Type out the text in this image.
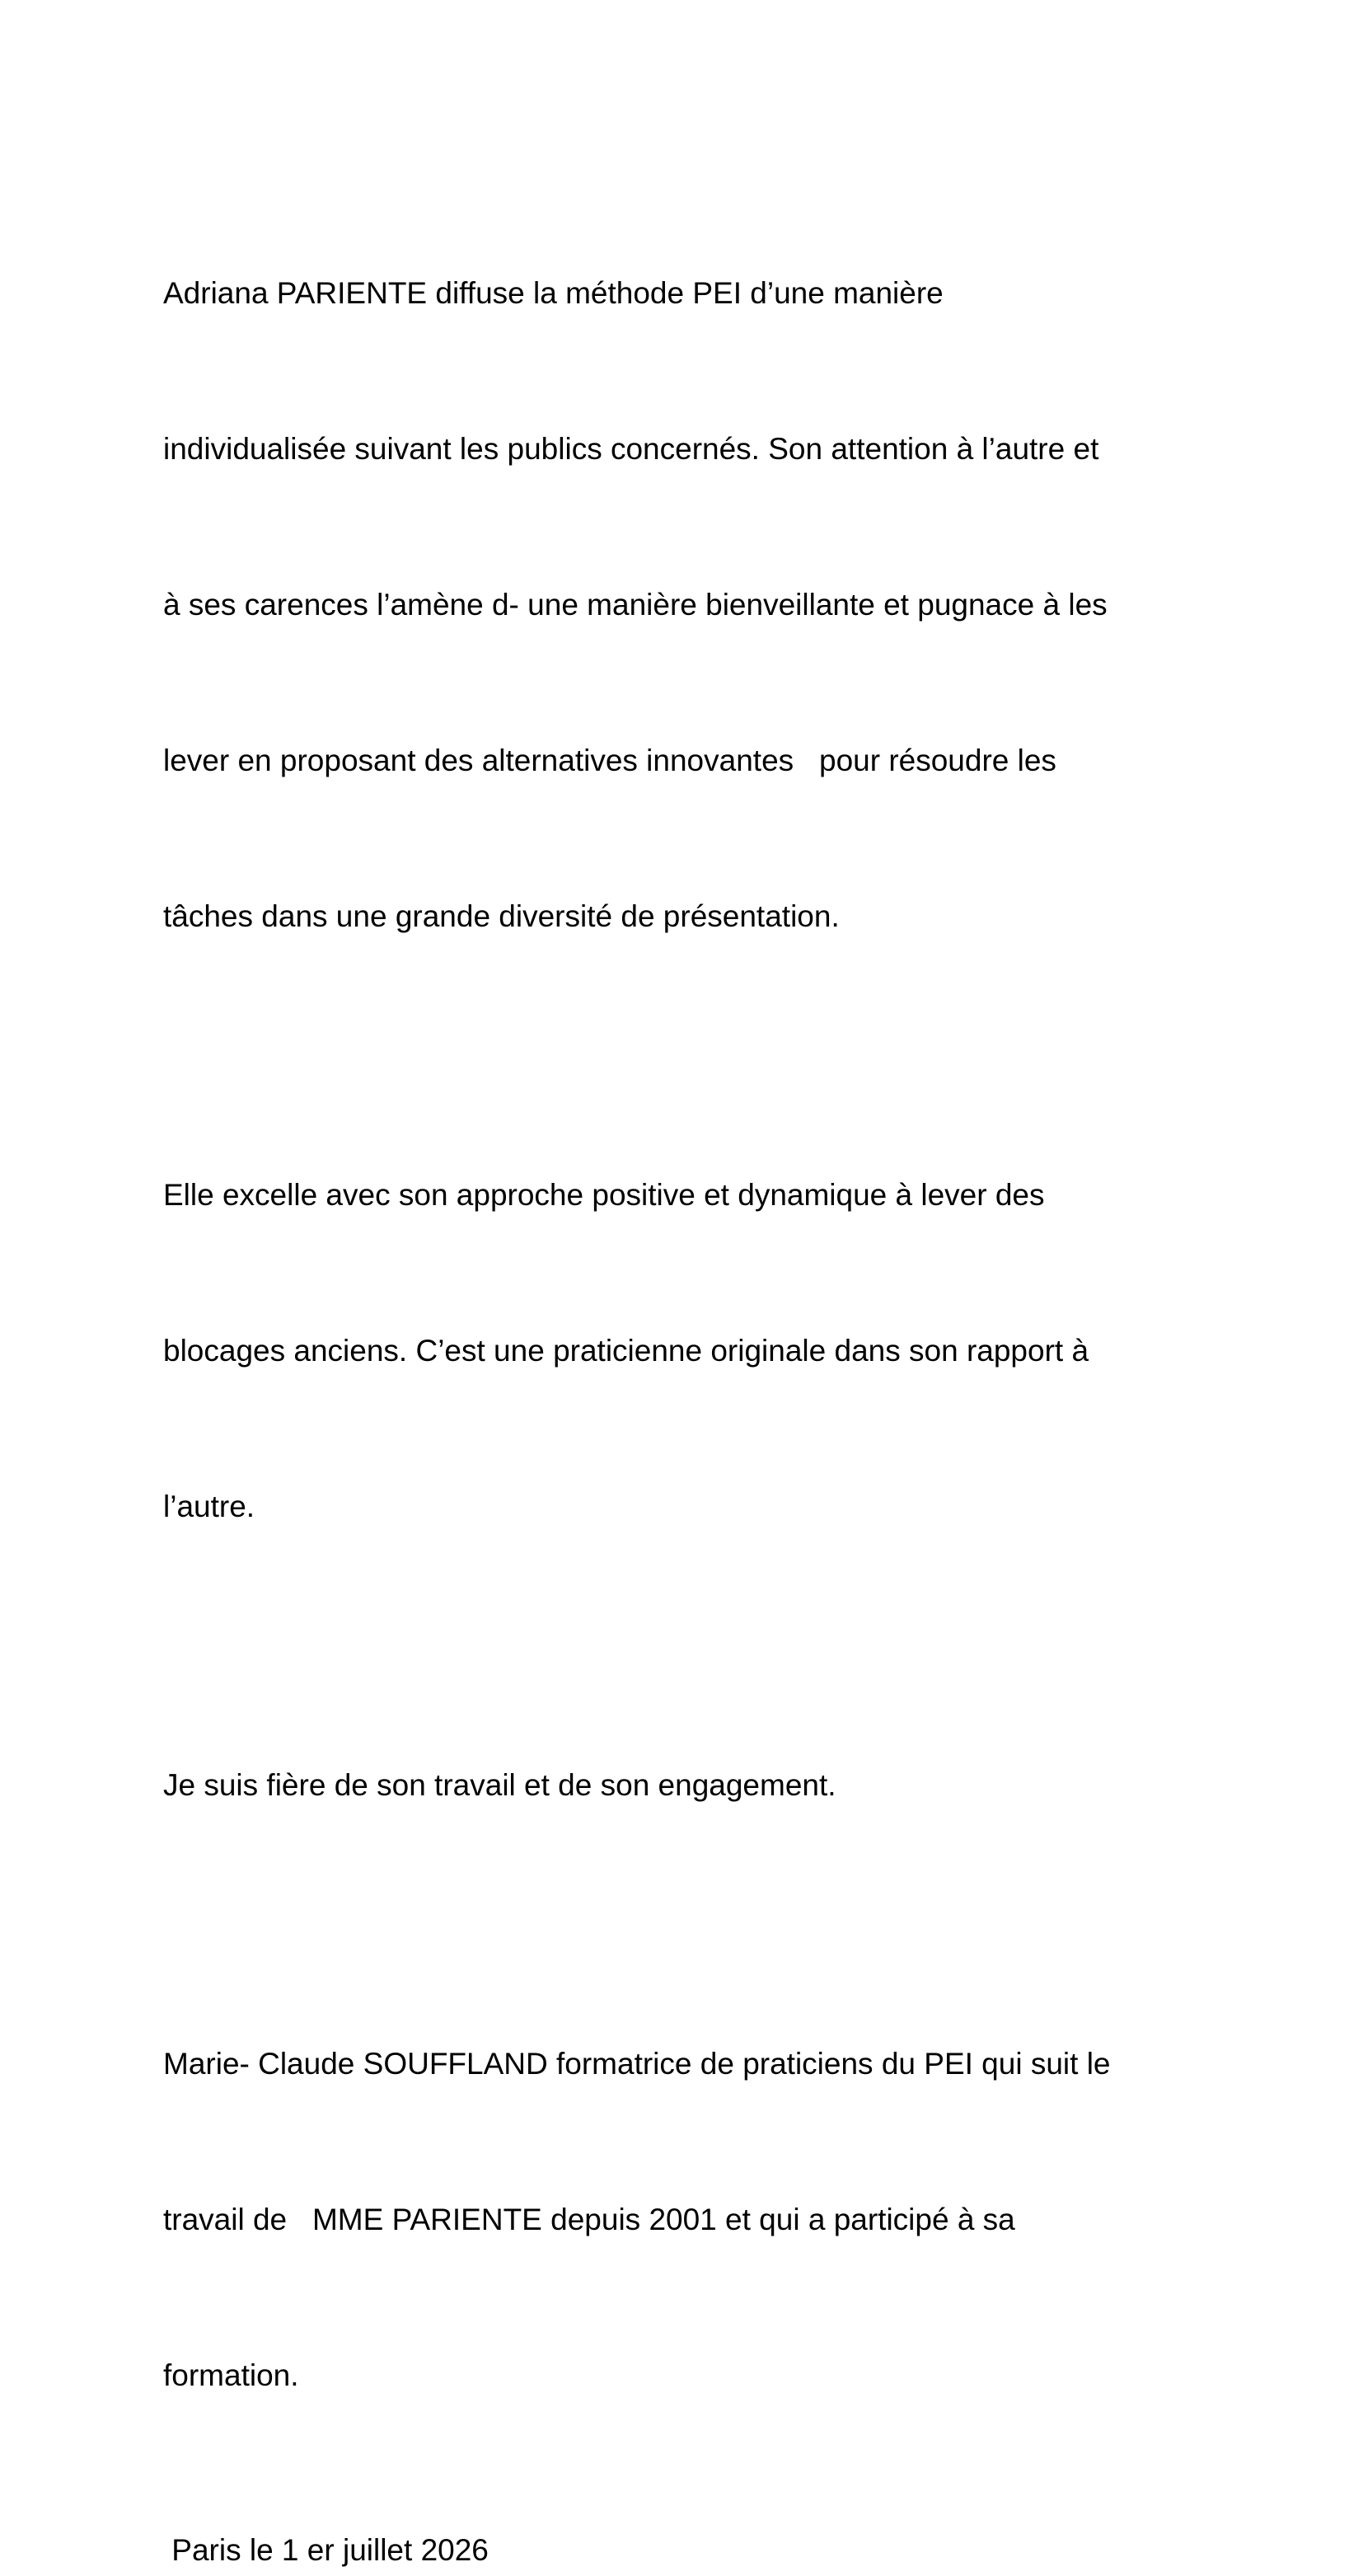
Adriana PARIENTE diffuse la méthode PEI d’une manière

individualisée suivant les publics concernés. Son attention à l’autre et

à ses carences l’amène d- une manière bienveillante et pugnace à les

lever en proposant des alternatives innovantes   pour résoudre les

tâches dans une grande diversité de présentation.

Elle excelle avec son approche positive et dynamique à lever des

blocages anciens. C’est une praticienne originale dans son rapport à

l’autre.

Je suis fière de son travail et de son engagement.

Marie- Claude SOUFFLAND formatrice de praticiens du PEI qui suit le

travail de   MME PARIENTE depuis 2001 et qui a participé à sa

formation.

Paris le 1 er juillet 2026
